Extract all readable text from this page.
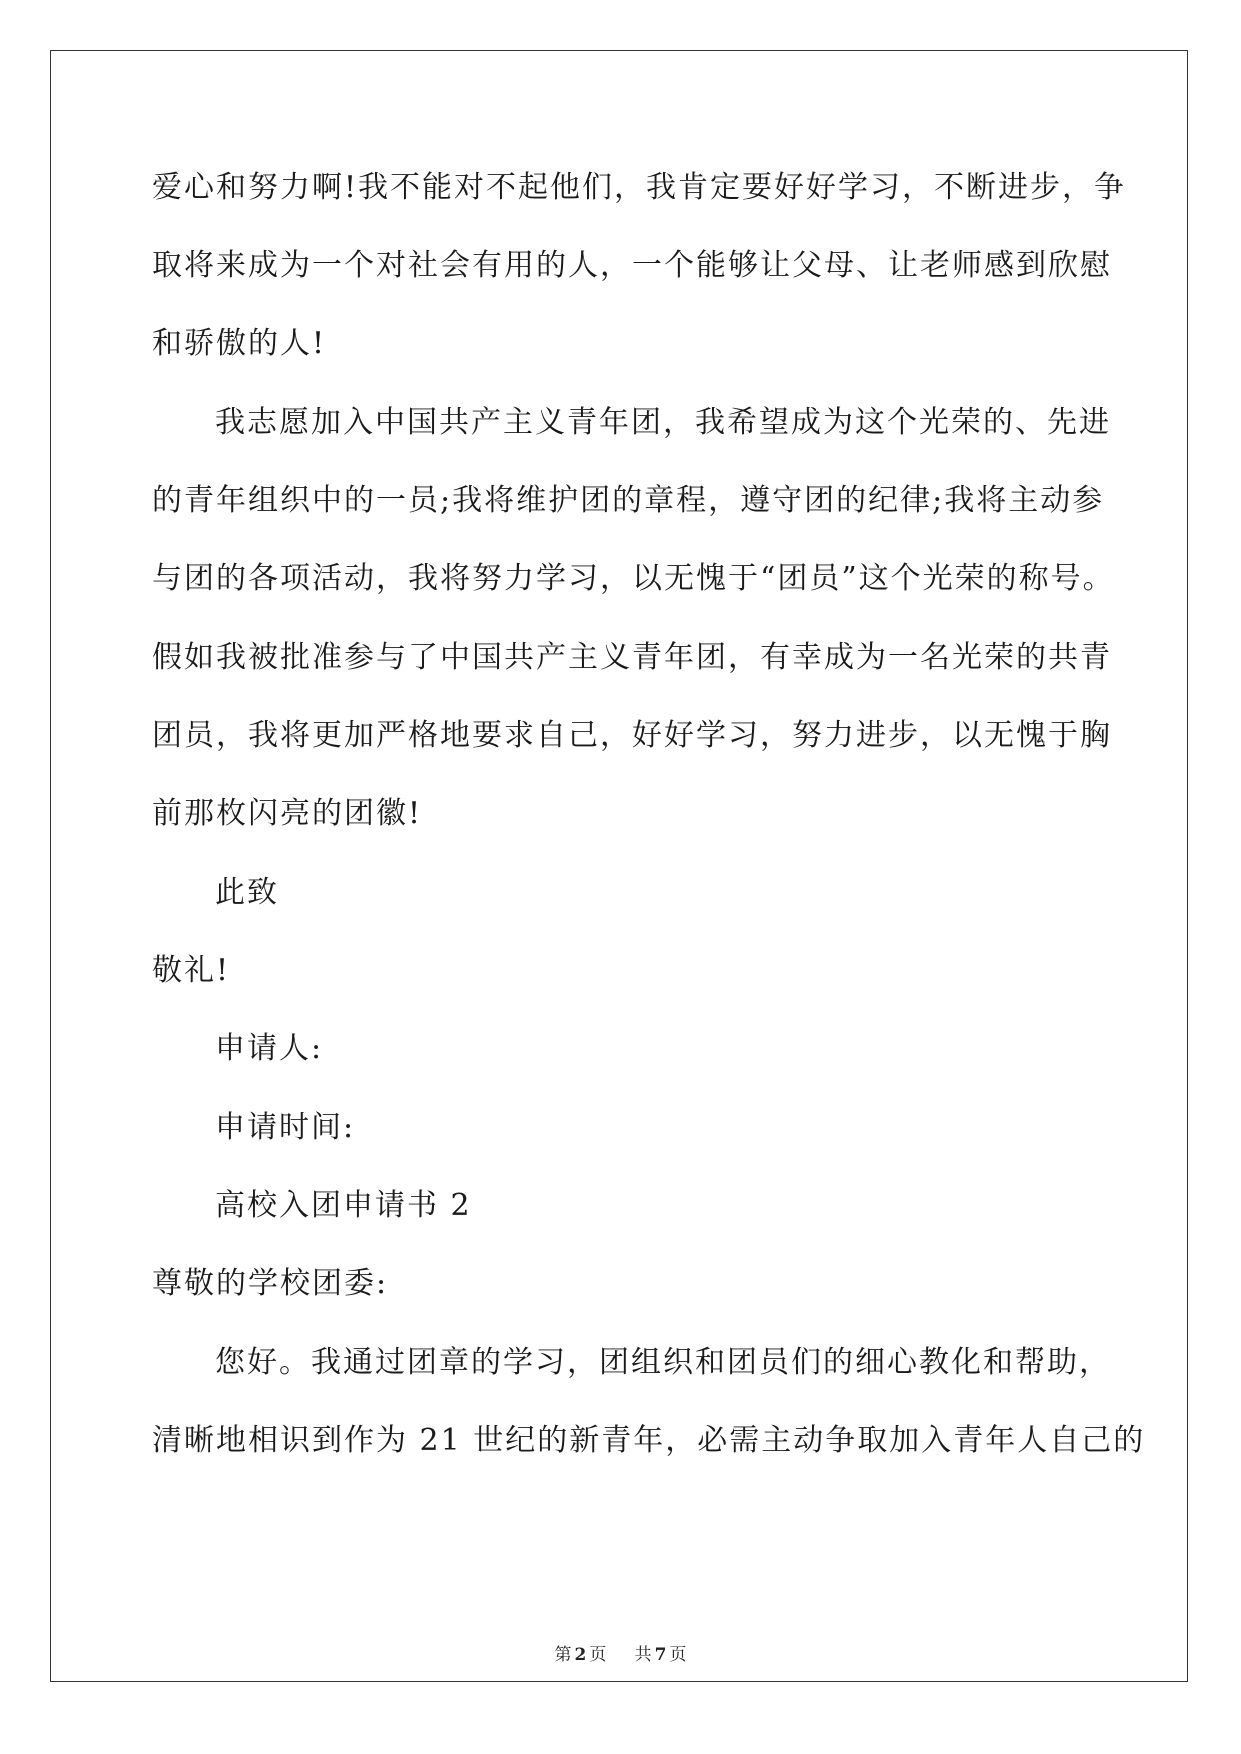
爱心和努力啊!我不能对不起他们，我肯定要好好学习，不断进步，争
取将来成为一个对社会有用的人，一个能够让父母、让老师感到欣慰
和骄傲的人!
我志愿加入中国共产主义青年团，我希望成为这个光荣的、先进
的青年组织中的一员;我将维护团的章程，遵守团的纪律;我将主动参
与团的各项活动，我将努力学习，以无愧于“团员”这个光荣的称号。
假如我被批准参与了中国共产主义青年团，有幸成为一名光荣的共青
团员，我将更加严格地要求自己，好好学习，努力进步，以无愧于胸
前那枚闪亮的团徽!
此致
敬礼!
申请人:
申请时间:
高校入团申请书 2
尊敬的学校团委:
您好。我通过团章的学习，团组织和团员们的细心教化和帮助，
清晰地相识到作为 21 世纪的新青年，必需主动争取加入青年人自己的
第 2 页 共 7 页
